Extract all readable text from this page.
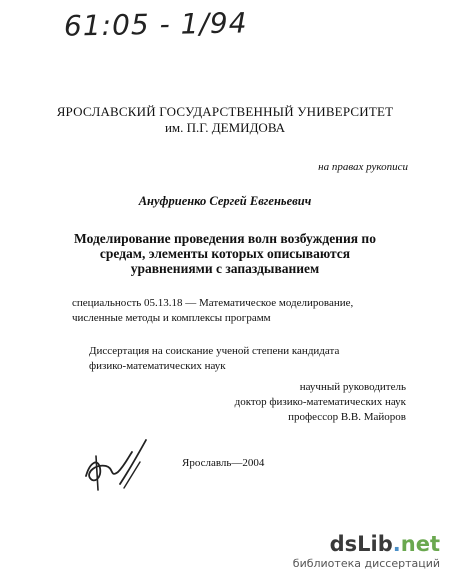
61:05 - 1/94
ЯРОСЛАВСКИЙ ГОСУДАРСТВЕННЫЙ УНИВЕРСИТЕТ
им. П.Г. ДЕМИДОВА
на правах рукописи
Ануфриенко Сергей Евгеньевич
Моделирование проведения волн возбуждения по
средам, элементы которых описываются
уравнениями с запаздыванием
специальность 05.13.18 — Математическое моделирование,
численные методы и комплексы программ
Диссертация на соискание ученой степени кандидата
физико-математических наук
научный руководитель
доктор физико-математических наук
профессор В.В. Майоров
Ярославль—2004
dsLib.net
библиотека диссертаций
